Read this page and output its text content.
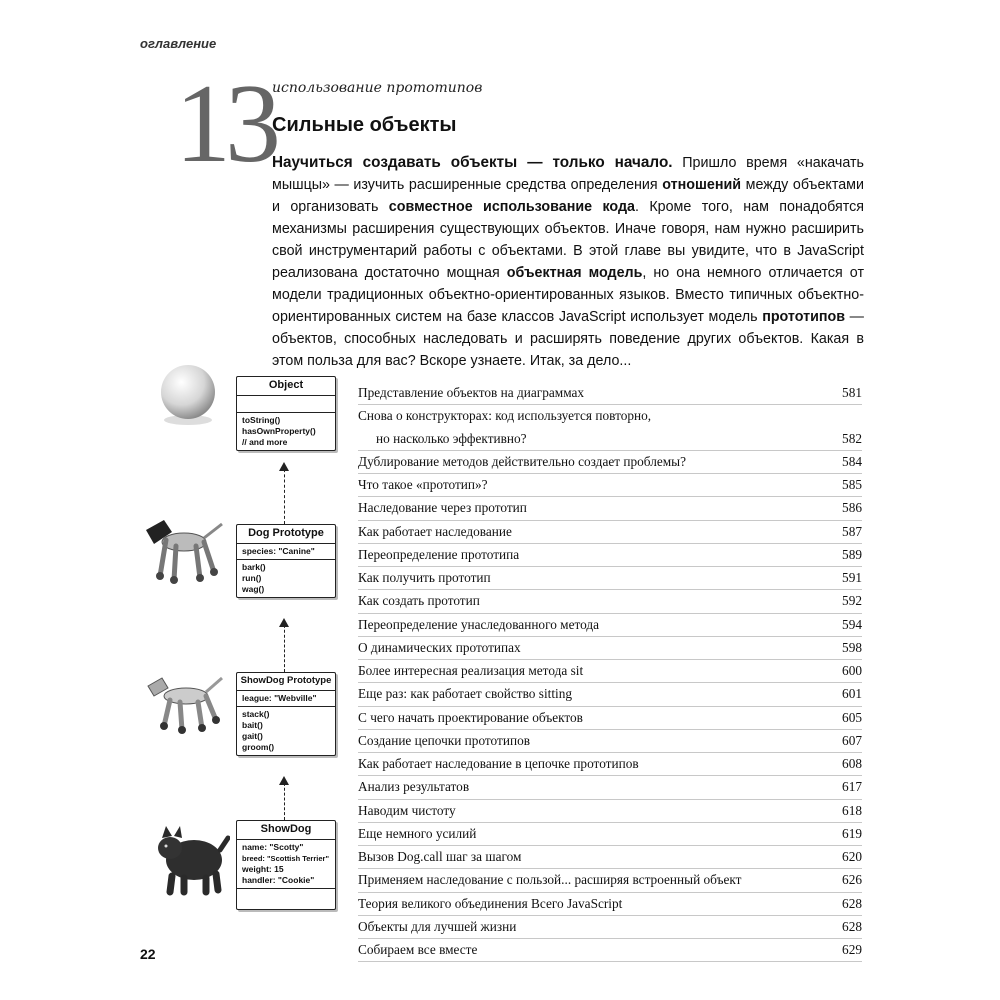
оглавление
13
использование прототипов
Сильные объекты

Научиться создавать объекты — только начало. Пришло время «накачать мышцы» — изучить расширенные средства определения отношений между объектами и организовать совместное использование кода. Кроме того, нам понадобятся механизмы расширения существующих объектов. Иначе говоря, нам нужно расширить свой инструментарий работы с объектами. В этой главе вы увидите, что в JavaScript реализована достаточно мощная объектная модель, но она немного отличается от модели традиционных объектно-ориентированных языков. Вместо типичных объектно-ориентированных систем на базе классов JavaScript использует модель прототипов — объектов, способных наследовать и расширять поведение других объектов. Какая в этом польза для вас? Вскоре узнаете. Итак, за дело...

Object
toString()
hasOwnProperty()
// and more
Dog Prototype
species: "Canine"
bark()
run()
wag()
ShowDog Prototype
league: "Webville"
stack()
bait()
gait()
groom()
ShowDog
name: "Scotty"
breed: "Scottish Terrier"
weight: 15
handler: "Cookie"
Представление объектов на диаграммах	581
Снова о конструкторах: код используется повторно,
но насколько эффективно?	582
Дублирование методов действительно создает проблемы?	584
Что такое «прототип»?	585
Наследование через прототип	586
Как работает наследование	587
Переопределение прототипа	589
Как получить прототип	591
Как создать прототип	592
Переопределение унаследованного метода	594
О динамических прототипах	598
Более интересная реализация метода sit	600
Еще раз: как работает свойство sitting	601
С чего начать проектирование объектов	605
Создание цепочки прототипов	607
Как работает наследование в цепочке прототипов	608
Анализ результатов	617
Наводим чистоту	618
Еще немного усилий	619
Вызов Dog.call шаг за шагом	620
Применяем наследование с пользой... расширяя встроенный объект	626
Теория великого объединения Всего JavaScript	628
Объекты для лучшей жизни	628
Собираем все вместе	629
22
